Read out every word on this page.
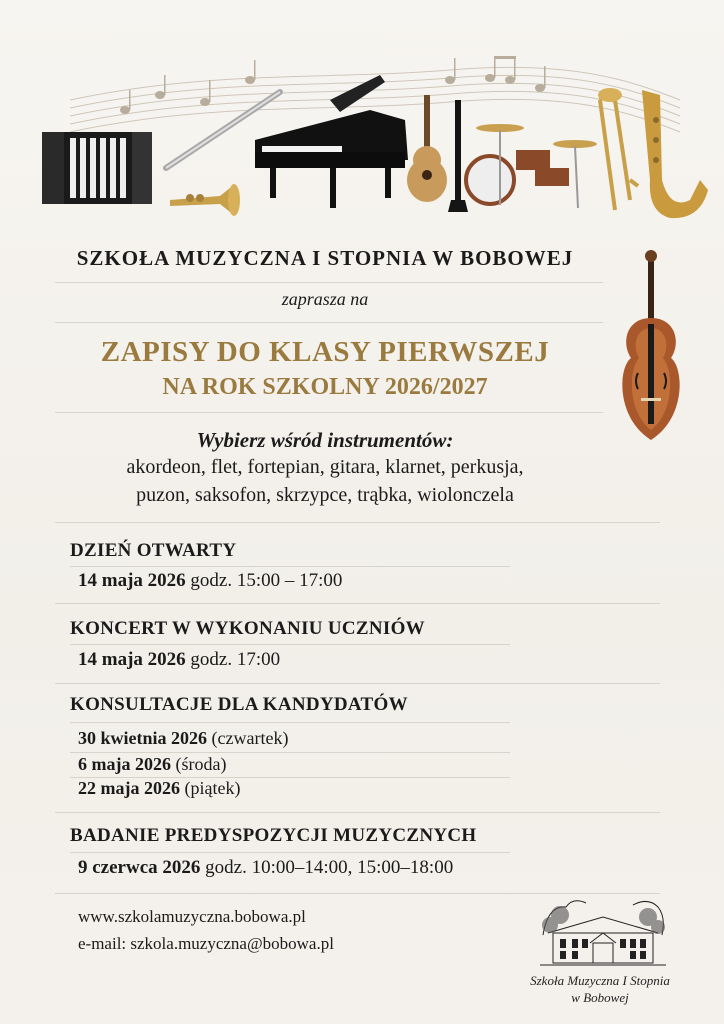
SZKOŁA MUZYCZNA I STOPNIA W BOBOWEJ
zaprasza na
ZAPISY DO KLASY PIERWSZEJ
NA ROK SZKOLNY 2026/2027
Wybierz wśród instrumentów:
akordeon, flet, fortepian, gitara, klarnet, perkusja,
puzon, saksofon, skrzypce, trąbka, wiolonczela
DZIEŃ OTWARTY
14 maja 2026 godz. 15:00 – 17:00
KONCERT W WYKONANIU UCZNIÓW
14 maja 2026 godz. 17:00
KONSULTACJE DLA KANDYDATÓW
30 kwietnia 2026 (czwartek)
6 maja 2026 (środa)
22 maja 2026 (piątek)
BADANIE PREDYSPOZYCJI MUZYCZNYCH
9 czerwca 2026 godz. 10:00–14:00, 15:00–18:00
www.szkolamuzyczna.bobowa.pl
e-mail: szkola.muzyczna@bobowa.pl
Szkoła Muzyczna I Stopnia
w Bobowej
